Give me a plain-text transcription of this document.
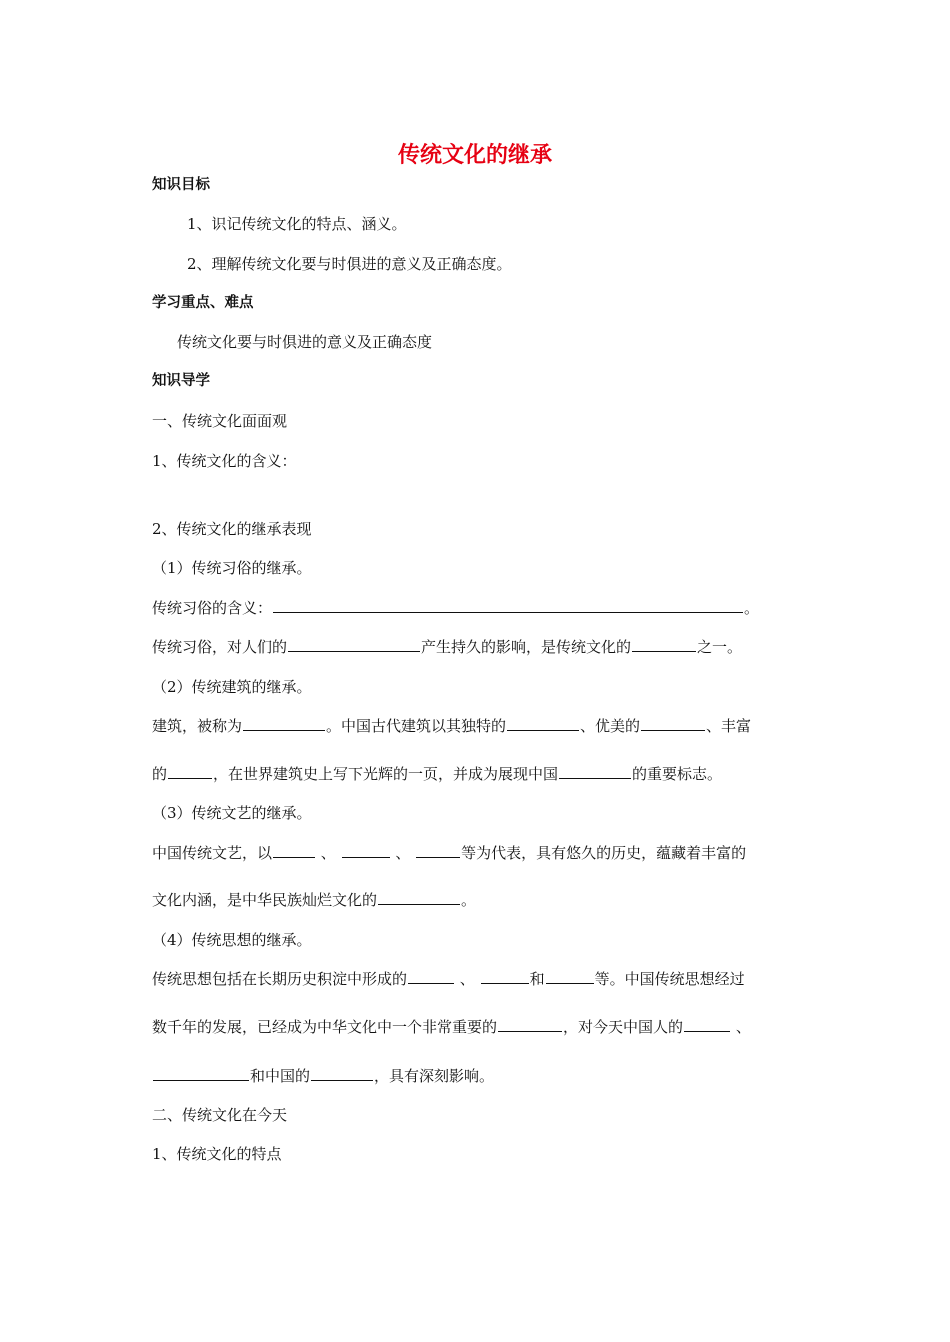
传统文化的继承
知识目标
1、识记传统文化的特点、涵义。
2、理解传统文化要与时俱进的意义及正确态度。
学习重点、难点
传统文化要与时俱进的意义及正确态度
知识导学
一、传统文化面面观
1、传统文化的含义：
2、传统文化的继承表现
（1）传统习俗的继承。
传统习俗的含义：	。
传统习俗，对人们的	产生持久的影响，是传统文化的	之一。
（2）传统建筑的继承。
建筑，被称为	。中国古代建筑以其独特的	、优美的	、丰富
的	，在世界建筑史上写下光辉的一页，并成为展现中国	的重要标志。
（3）传统文艺的继承。
中国传统文艺，以	、	、	等为代表，具有悠久的历史，蕴藏着丰富的
文化内涵，是中华民族灿烂文化的	。
（4）传统思想的继承。
传统思想包括在长期历史积淀中形成的	、	和	等。中国传统思想经过
数千年的发展，已经成为中华文化中一个非常重要的	，对今天中国人的	、
和中国的	，具有深刻影响。
二、传统文化在今天
1、传统文化的特点
